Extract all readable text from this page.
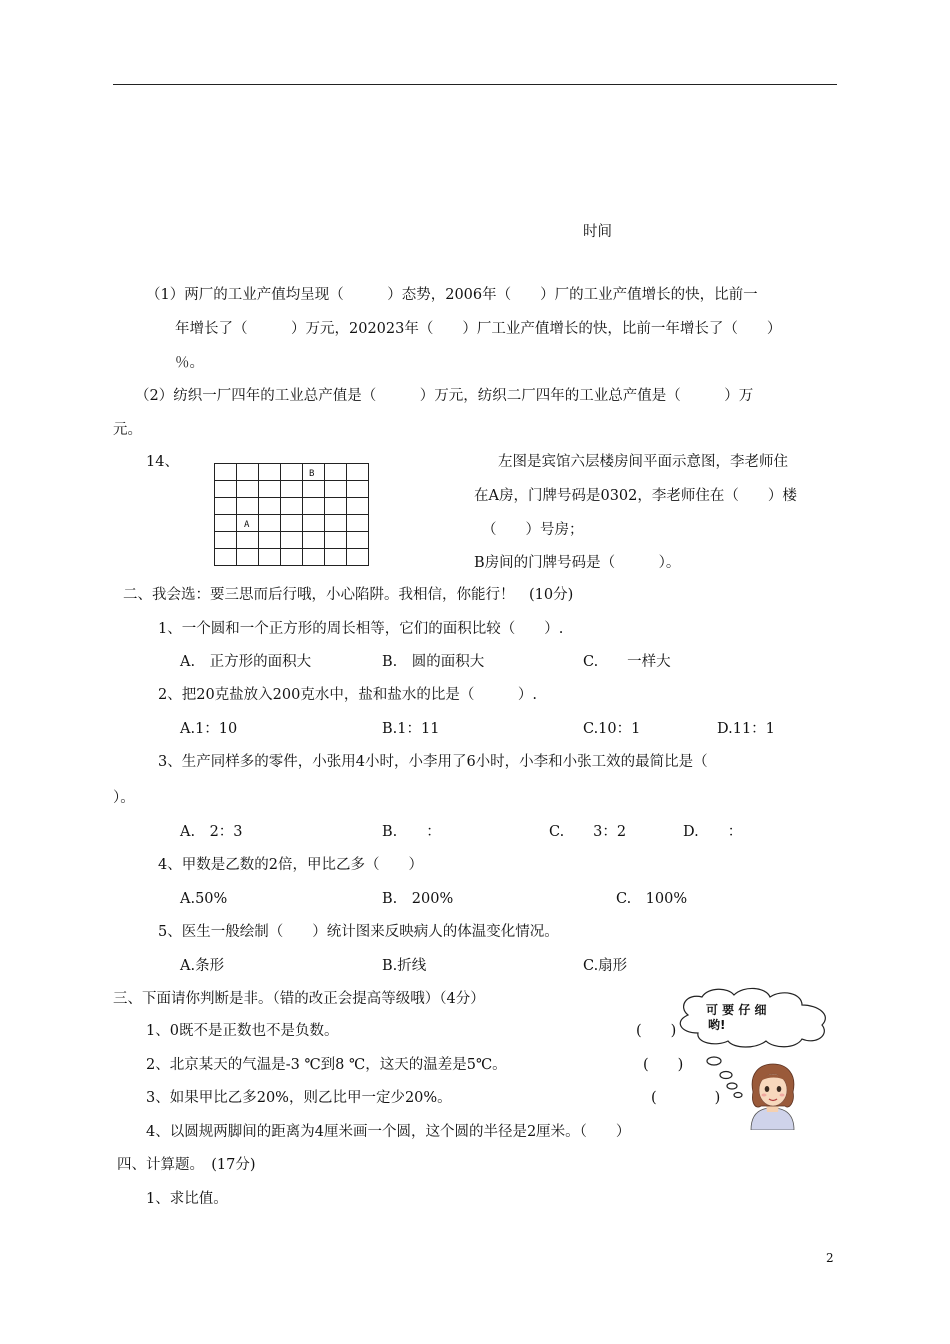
时间
（1）两厂的工业产值均呈现（　　　）态势，2006年（　　）厂的工业产值增长的快，比前一
年增长了（　　　）万元，202023年（　　）厂工业产值增长的快，比前一年增长了（　　）
％。
（2）纺织一厂四年的工业总产值是（　　　）万元，纺织二厂四年的工业总产值是（　　　）万
元。
14、
B
A
左图是宾馆六层楼房间平面示意图，李老师住
在A房，门牌号码是0302，李老师住在（　　）楼
（　　）号房；
B房间的门牌号码是（　　　）。
二、我会选：要三思而后行哦，小心陷阱。我相信，你能行！　(10分)
1、一个圆和一个正方形的周长相等，它们的面积比较（　　）.
A.　正方形的面积大	B.　圆的面积大	C.　　一样大
2、把20克盐放入200克水中，盐和盐水的比是（　　　）.
A.1：10	B.1：11	C.10：1	D.11：1
3、生产同样多的零件，小张用4小时，小李用了6小时，小李和小张工效的最简比是（
）。
A.　2：3	B.　　：	C.　　3：2	D.　　：
4、甲数是乙数的2倍，甲比乙多（　　）
A.50%	B.　200%	C.　100%
5、医生一般绘制（　　）统计图来反映病人的体温变化情况。
A.条形	B.折线	C.扇形
三、下面请你判断是非。（错的改正会提高等级哦）（4分）
1、0既不是正数也不是负数。	(　　)
2、北京某天的气温是-3 ℃到8 ℃，这天的温差是5℃。	(　　)
3、如果甲比乙多20%，则乙比甲一定少20%。	(　　　　)
4、以圆规两脚间的距离为4厘米画一个圆，这个圆的半径是2厘米。（　　）
可 要 仔 细
哟!
四、计算题。　(17分)
1、求比值。
2
